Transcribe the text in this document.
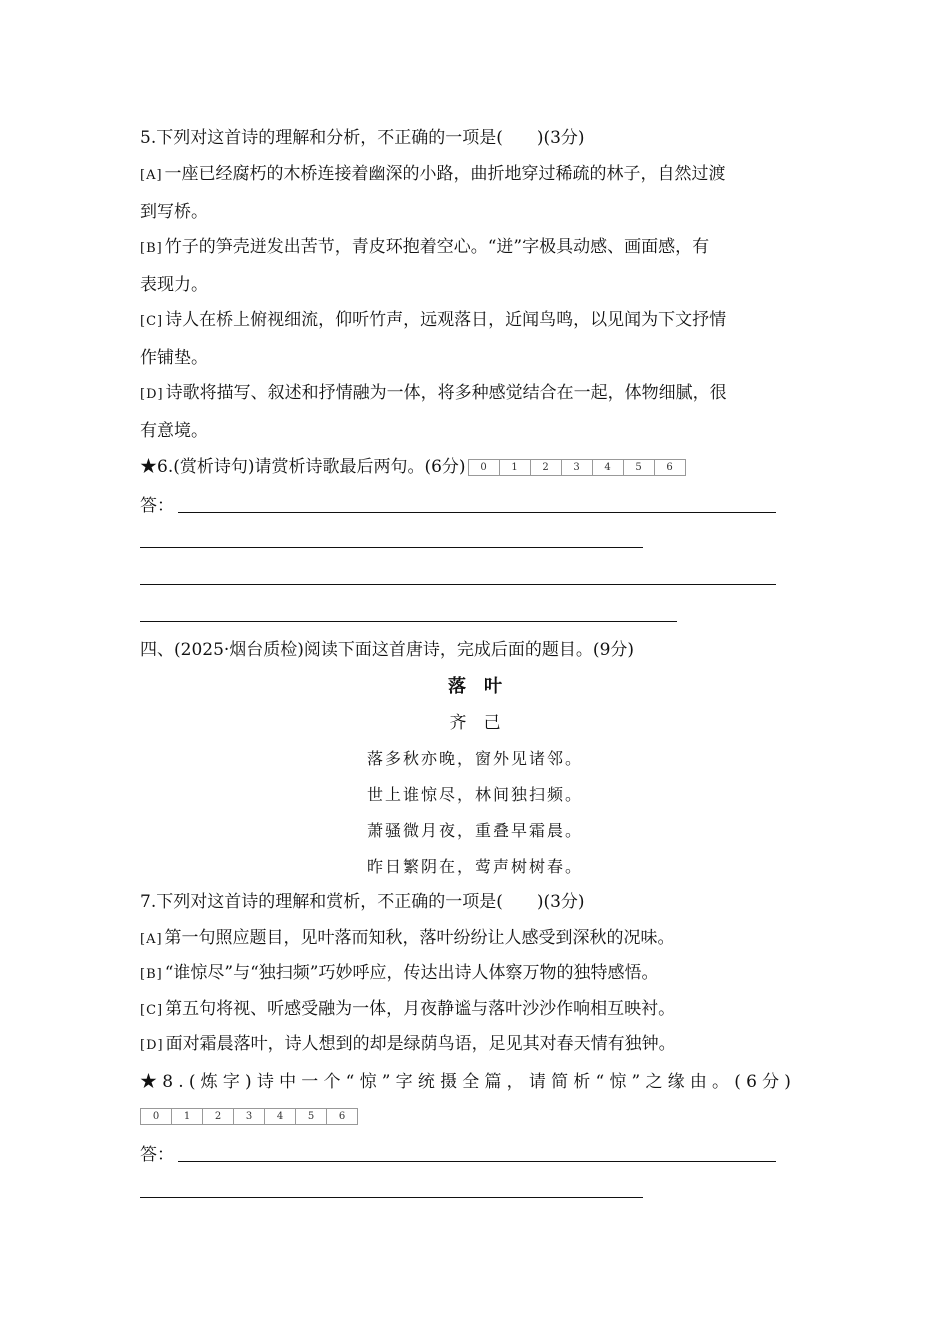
5.下列对这首诗的理解和分析，不正确的一项是(　　)(3分)
[A] 一座已经腐朽的木桥连接着幽深的小路，曲折地穿过稀疏的林子，自然过渡
到写桥。
[B] 竹子的笋壳迸发出苦节，青皮环抱着空心。“迸”字极具动感、画面感，有
表现力。
[C] 诗人在桥上俯视细流，仰听竹声，远观落日，近闻鸟鸣，以见闻为下文抒情
作铺垫。
[D] 诗歌将描写、叙述和抒情融为一体，将多种感觉结合在一起，体物细腻，很
有意境。
★6.(赏析诗句)请赏析诗歌最后两句。(6分)	0	1	2	3	4	5	6
答：
四、(2025·烟台质检)阅读下面这首唐诗，完成后面的题目。(9分)
落　叶
齐　己
落多秋亦晚，窗外见诸邻。
世上谁惊尽，林间独扫频。
萧骚微月夜，重叠早霜晨。
昨日繁阴在，莺声树树春。
7.下列对这首诗的理解和赏析，不正确的一项是(　　)(3分)
[A] 第一句照应题目，见叶落而知秋，落叶纷纷让人感受到深秋的况味。
[B] “谁惊尽”与“独扫频”巧妙呼应，传达出诗人体察万物的独特感悟。
[C] 第五句将视、听感受融为一体，月夜静谧与落叶沙沙作响相互映衬。
[D] 面对霜晨落叶，诗人想到的却是绿荫鸟语，足见其对春天情有独钟。
★8.(炼字)诗中一个“惊”字统摄全篇，请简析“惊”之缘由。(6分)
0	1	2	3	4	5	6
答：
